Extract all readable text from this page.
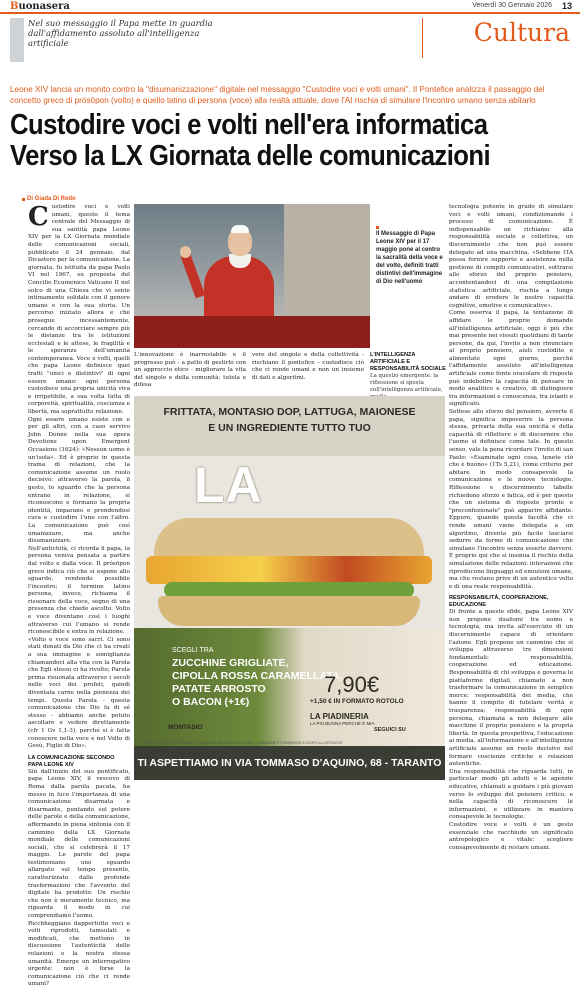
Buonasera	Venerdì 30 Gennaio 2026 13
Nel suo messaggio il Papa mette in guardia dall'affidamento assoluto all'intelligenza artificiale	Cultura
Leone XIV lancia un monito contro la "disumanizzazione" digitale nel messaggio "Custodire voci e volti umani". Il Pontefice analizza il passaggio del concetto greco di prósōpon (volto) e quello latino di persona (voce) alla realtà attuale, dove l'AI rischia di simulare l'incontro umano senza abitarlo
Custodire voci e volti nell'era informatica
Verso la LX Giornata delle comunicazioni
Di Giada Di Redo
C ustodire voci e volti umani, questo il tema centrale del Messaggio di sua santità papa Leone XIV per la LX Giornata mondiale delle comunicazioni sociali, pubblicato il 24 gennaio, dal Dicastero per la comunicazione. La giornata, fu istituita da papa Paolo VI nel 1967, su proposta del Concilio Ecumenico Vaticano II nel solco di una Chiesa che vi sente intimamente solidale con il genere umano e con la sua storia. Un percorso iniziato allora e che prosegue incessantemente, cercando di accorciare sempre più le distanze tra le istituzioni ecclesiali e le attese, le fragilità e le speranze dell'umanità contemporanea. Voce e volti, quelli che papa Leone definisce quei tratti "unici e distintivi" di ogni essere umano: ogni persona custodisce una propria unicità viva e irripetibile, a sua volta fatta di corporeità, spiritualità, coscienza e libertà, ma soprattutto relazione.

Ogni essere umano esiste con e per gli altri, con a caso servivo John Donne nella sua opera Devotions upon Emergent Occasions (1624): «Nessun uomo è un'isola». Ed è proprio in questa trama di relazioni, che la comunicazione assume un ruolo decisivo: attraverso la parola, il gesto, lo sguardo che la persona entrano in relazione, si riconoscono e formano la propria identità, imparano e prendendosi cura e custodire l'uno con l'altro. La comunicazione può così umanizzare, ma anche disumanizzare.

Nell'antichità, ci ricorda il papa, la persona veniva pensata a partire dal volto e dalla voce. Il prósōpon greco indica ciò che si espone allo sguardo, rendendo possibile l'incontro; il termine latino persona, invece, richiama il risuonare della voce, segno di una presenza che chiede ascolto. Volto e voce diventano così i luoghi attraverso cui l'umano si rende riconoscibile e entra in relazione.

«Volto e voce sono sacri. Ci sono stati donati da Dio che ci ha creati a sua immagine e somiglianza chiamandoci alla vita con la Parola che Egli stesso ci ha rivolto; Parola prima risuonata attraverso i secoli nelle voci dei profeti, quindi diventata carne nella pienezza dei tempi. Questa Parola - questa comunicazione che Dio fa di sé stesso - abbiamo anche potuto ascoltare e vedere direttamente (cfr 1 Gv 1,1-3), perché si è fatta conoscere nella voce e nel Volto di Gesù, Figlio di Dio».

LA COMUNICAZIONE SECONDO PAPA LEONE XIV

Sin dall'inizio del suo pontificato, papa Leone XIV, il vescovo di Roma dalla parola pacata, ha messo in luce l'importanza di una comunicazione disarmata e disarmante, puntando sul potere delle parole e della comunicazione, affermando in piena sintonia con il cammino della LX Giornata mondiale delle comunicazioni sociali, che si celebrerà il 17 maggio. Le parole del papa testimoniano uno sguardo allargato sul tempo presente, caratterizzato dalle profonde trasformazioni che l'avvento del digitale ha prodotto. Un rischio che non è meramente tecnico, ma riguarda il modo in cui comprendiamo l'uomo.

Ricchheggiano dappertutto voci e volti riprodotti, tamsulati e modificati, che mettono in discussione l'autenticità delle relazioni e la nostra stessa umanità. Emerge un interrogativo urgente: non è forse la comunicazione ciò che ci rende umani?

Il Messaggio di Papa Leone XIV per il 17 maggio pone al centro la sacralità della voce e del volto, definiti tratti distintivi dell'immagine di Dio nell'uomo
L'innovazione è inarrestabile e il progresso può - a patto di gestirlo con un approccio etico - migliorare la vita del singolo e della comunità: tutela e difesa
vere del singolo e della collettività - rischiano il pontefice - custodisce ciò che ci rende umani e non un insieme di dati e algoritmi.
L'INTELLIGENZA ARTIFICIALE E RESPONSABILITÀ SOCIALE
La questio emergente. la riflessione si sposta sull'intelligenza artificiale,

tecnologia potente in grado di simulare voci e volti umani, condizionando i processi di comunicazione. È indispensabile un richiamo alla responsabilità sociale e collettiva, un discernimento che non può essere delegato ad una macchina. «Sebbene l'IA possa fornire supporto e assistenza nella gestione di compiti comunicativi, sottrarsi allo sforzo del proprio pensiero, accontentandoci di una compilazione statistica artificiale, rischia a lungo andare di erodere le nostre capacità cognitive, emotive e comunicative».

Come osserva il papa, la tentazione di affidare le proprie domande all'intelligenza artificiale, oggi è più che mai presente nei vissuti quotidiani di tante persone, da qui, l'invito a non rinunciare al proprio pensiero, aiuti custodito e alimentato ogni giorno, perché l'affidamento assoluto all'intelligenza artificiale come fonte oracolare di risposte può indebolire la capacità di pensare in modo analitico e creativo, di distinguere tra informazioni e conoscenza, tra istanti e significato.

Sottese allo sforzo del pensiero, avverte il papa, significa impoverire la persona stessa, privarla della sua unicità e della capacità di riflettere e di discernere che l'uomo si definisce come tale. In questo senso, vale la pena ricordare l'invito di san Paolo: «Esaminate ogni cosa, tenete ciò che è buono» (1Ts 5,21), come criterio per abitare in modo consapevole la comunicazione e le nuove tecnologie. Riflessione e discernimento tabelle richiedono sforzo e fatica, ed è per questo che un sistema di risposte pronte e "preconfezionate" può apparire affidante. Eppure, quando questa facoltà che ci rende umani viene delegata a un algoritmo, diventa più facile lasciarsi sedurre da forme di comunicazione che simulano l'incontro senza esserlo davvero. È proprio qui che si insinua il rischio della simulazione delle relazioni: interazioni che riproducono linguaggi ed emozioni umane, ma che restano prive di un autentico volto e di una reale responsabilità.

RESPONSABILITÀ, COOPERAZIONE, EDUCAZIONE

Di fronte a queste sfide, papa Leone XIV non propone dualismi tra uomo e tecnologia, ma invita all'esercizio di un discernimento capace di orientare l'azione. Egli propone un cammino che si sviluppa attraverso tre dimensioni fondamentali: responsabilità, cooperazione ed educazione. Responsabilità di chi sviluppa e governa le piattaforme digitali, chiamato a non trasformare la comunicazione in semplice merce; responsabilità dei media, che hanno il compito di tutelare verità e trasparenza; responsabilità di ogni persona, chiamata a non delegare alle macchine il proprio pensiero e la propria libertà. In questa prospettiva, l'educazione ai media, all'informazione e all'intelligenza artificiale assume un ruolo decisivo nel formare coscienze critiche e relazioni autentiche.

Una responsabilità che riguarda tutti, in particolar modo gli adulti e le agenzie educative, chiamati a guidare i più giovani verso lo sviluppo del pensiero critico, e nella capacità di riconoscere le informazioni, e utilizzare in maniera consapevole le tecnologie.

Custodire voce e volti è un gesto essenziale che racchiude un significato antropologico e vitale: scegliere consapevolmente di restare umani.

FRITTATA, MONTASIO DOP, LATTUGA, MAIONESE
E UN INGREDIENTE TUTTO TUO
LA
SCEGLI TRA
ZUCCHINE GRIGLIATE,
CIPOLLA ROSSA CARAMELLATA,
PATATE ARROSTO
O BACON (+1€)
7,90€
+1,50 € IN FORMATO ROTOLO
LA PIADINERIA
LA PIÙ BUONA PERCHÉ È MIA
MONTASIO	SEGUICI SU
REALIZZATO CON IL CONTRIBUTO MASAF DECRETO DEL 10.12.2024 · L'IMMAGINE È PURAMENTE A SCOPO ILLUSTRATIVO
TI ASPETTIAMO IN VIA TOMMASO D'AQUINO, 68 - TARANTO
